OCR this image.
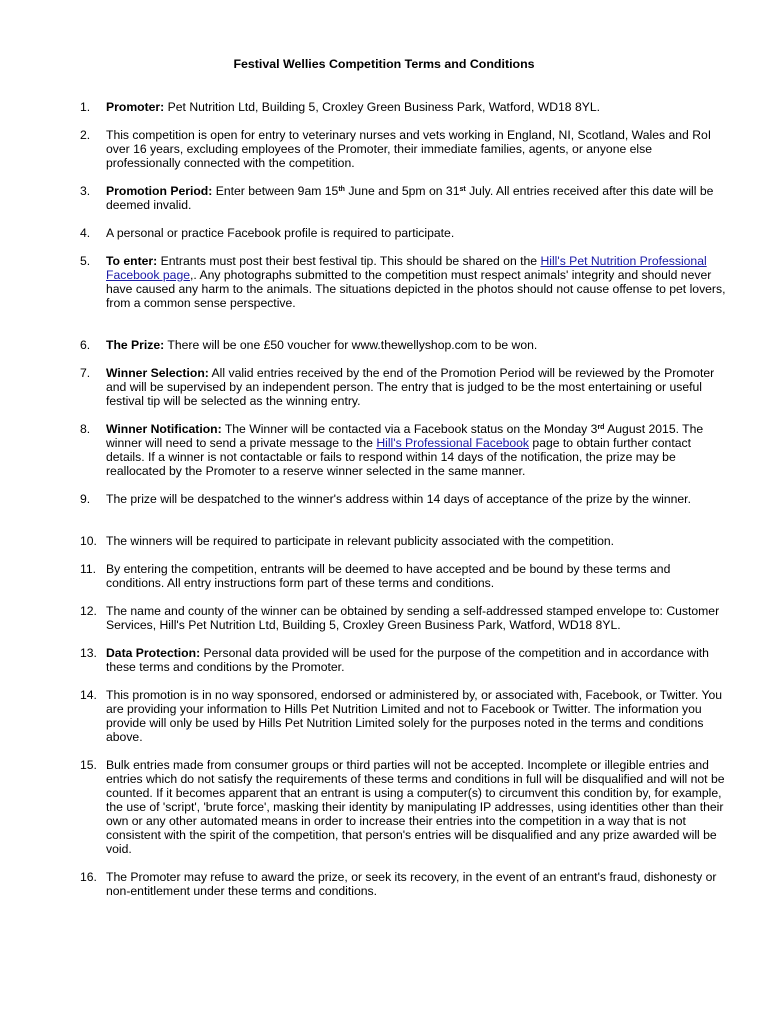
Festival Wellies Competition Terms and Conditions
1.	Promoter: Pet Nutrition Ltd, Building 5, Croxley Green Business Park, Watford, WD18 8YL.
2.	This competition is open for entry to veterinary nurses and vets working in England, NI, Scotland, Wales and RoI over 16 years, excluding employees of the Promoter, their immediate families, agents, or anyone else professionally connected with the competition.
3.	Promotion Period: Enter between 9am 15th June and 5pm on 31st July. All entries received after this date will be deemed invalid.
4.	A personal or practice Facebook profile is required to participate.
5.	To enter: Entrants must post their best festival tip. This should be shared on the Hill's Pet Nutrition Professional Facebook page,. Any photographs submitted to the competition must respect animals' integrity and should never have caused any harm to the animals. The situations depicted in the photos should not cause offense to pet lovers, from a common sense perspective.
6.	The Prize: There will be one £50 voucher for www.thewellyshop.com to be won.
7.	Winner Selection: All valid entries received by the end of the Promotion Period will be reviewed by the Promoter and will be supervised by an independent person. The entry that is judged to be the most entertaining or useful festival tip will be selected as the winning entry.
8.	Winner Notification: The Winner will be contacted via a Facebook status on the Monday 3rd August 2015. The winner will need to send a private message to the Hill's Professional Facebook page to obtain further contact details. If a winner is not contactable or fails to respond within 14 days of the notification, the prize may be reallocated by the Promoter to a reserve winner selected in the same manner.
9.	The prize will be despatched to the winner's address within 14 days of acceptance of the prize by the winner.
10. The winners will be required to participate in relevant publicity associated with the competition.
11. By entering the competition, entrants will be deemed to have accepted and be bound by these terms and conditions. All entry instructions form part of these terms and conditions.
12. The name and county of the winner can be obtained by sending a self-addressed stamped envelope to: Customer Services, Hill's Pet Nutrition Ltd, Building 5, Croxley Green Business Park, Watford, WD18 8YL.
13. Data Protection: Personal data provided will be used for the purpose of the competition and in accordance with these terms and conditions by the Promoter.
14. This promotion is in no way sponsored, endorsed or administered by, or associated with, Facebook, or Twitter. You are providing your information to Hills Pet Nutrition Limited and not to Facebook or Twitter. The information you provide will only be used by Hills Pet Nutrition Limited solely for the purposes noted in the terms and conditions above.
15. Bulk entries made from consumer groups or third parties will not be accepted. Incomplete or illegible entries and entries which do not satisfy the requirements of these terms and conditions in full will be disqualified and will not be counted. If it becomes apparent that an entrant is using a computer(s) to circumvent this condition by, for example, the use of 'script', 'brute force', masking their identity by manipulating IP addresses, using identities other than their own or any other automated means in order to increase their entries into the competition in a way that is not consistent with the spirit of the competition, that person's entries will be disqualified and any prize awarded will be void.
16. The Promoter may refuse to award the prize, or seek its recovery, in the event of an entrant's fraud, dishonesty or non-entitlement under these terms and conditions.
